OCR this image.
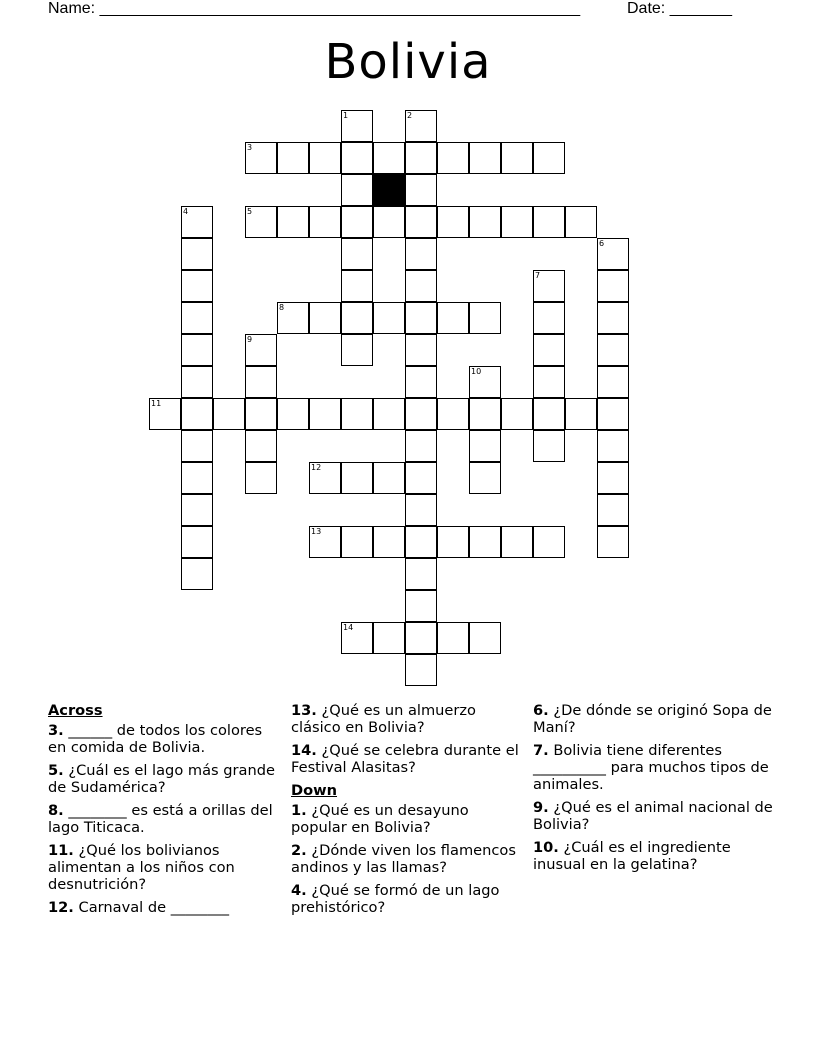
Name: ______________________________________________________	Date: _______
Bolivia
1	2
3
4	5
6
7
8
9
10
11
12
13
14
Across
3. ______ de todos los colores en comida de Bolivia.
5. ¿Cuál es el lago más grande de Sudamérica?
8. ________ es está a orillas del lago Titicaca.
11. ¿Qué los bolivianos alimentan a los niños con desnutrición?
12. Carnaval de ________
13. ¿Qué es un almuerzo clásico en Bolivia?
14. ¿Qué se celebra durante el Festival Alasitas?
Down
1. ¿Qué es un desayuno popular en Bolivia?
2. ¿Dónde viven los flamencos andinos y las llamas?
4. ¿Qué se formó de un lago prehistórico?
6. ¿De dónde se originó Sopa de Maní?
7. Bolivia tiene diferentes __________ para muchos tipos de animales.
9. ¿Qué es el animal nacional de Bolivia?
10. ¿Cuál es el ingrediente inusual en la gelatina?
